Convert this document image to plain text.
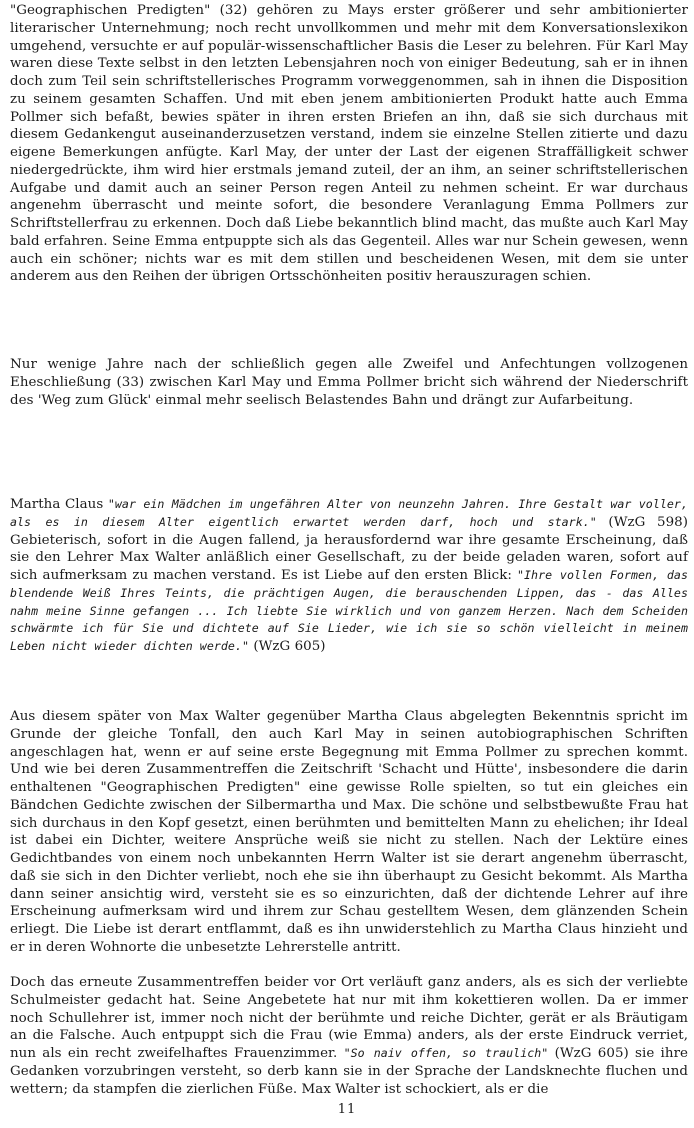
"Geographischen Predigten" (32) gehören zu Mays erster größerer und sehr ambitionierter literarischer Unternehmung; noch recht unvollkommen und mehr mit dem Konversationslexikon umgehend, versuchte er auf populär-wissenschaftlicher Basis die Leser zu belehren. Für Karl May waren diese Texte selbst in den letzten Lebensjahren noch von einiger Bedeutung, sah er in ihnen doch zum Teil sein schriftstellerisches Programm vorweggenommen, sah in ihnen die Disposition zu seinem gesamten Schaffen. Und mit eben jenem ambitionierten Produkt hatte auch Emma Pollmer sich befaßt, bewies später in ihren ersten Briefen an ihn, daß sie sich durchaus mit diesem Gedankengut auseinanderzusetzen verstand, indem sie einzelne Stellen zitierte und dazu eigene Bemerkungen anfügte. Karl May, der unter der Last der eigenen Straffälligkeit schwer niedergedrückte, ihm wird hier erstmals jemand zuteil, der an ihm, an seiner schriftstellerischen Aufgabe und damit auch an seiner Person regen Anteil zu nehmen scheint. Er war durchaus angenehm überrascht und meinte sofort, die besondere Veranlagung Emma Pollmers zur Schriftstellerfrau zu erkennen. Doch daß Liebe bekanntlich blind macht, das mußte auch Karl May bald erfahren. Seine Emma entpuppte sich als das Gegenteil. Alles war nur Schein gewesen, wenn auch ein schöner; nichts war es mit dem stillen und bescheidenen Wesen, mit dem sie unter anderem aus den Reihen der übrigen Ortsschönheiten positiv herauszuragen schien.

Nur wenige Jahre nach der schließlich gegen alle Zweifel und Anfechtungen vollzogenen Eheschließung (33) zwischen Karl May und Emma Pollmer bricht sich während der Niederschrift des 'Weg zum Glück' einmal mehr seelisch Belastendes Bahn und drängt zur Aufarbeitung.

Martha Claus "war ein Mädchen im ungefähren Alter von neunzehn Jahren. Ihre Gestalt war voller, als es in diesem Alter eigentlich erwartet werden darf, hoch und stark." (WzG 598) Gebieterisch, sofort in die Augen fallend, ja herausfordernd war ihre gesamte Erscheinung, daß sie den Lehrer Max Walter anläßlich einer Gesellschaft, zu der beide geladen waren, sofort auf sich aufmerksam zu machen verstand. Es ist Liebe auf den ersten Blick: "Ihre vollen Formen, das blendende Weiß Ihres Teints, die prächtigen Augen, die berauschenden Lippen, das - das Alles nahm meine Sinne gefangen ... Ich liebte Sie wirklich und von ganzem Herzen. Nach dem Scheiden schwärmte ich für Sie und dichtete auf Sie Lieder, wie ich sie so schön vielleicht in meinem Leben nicht wieder dichten werde." (WzG 605)

Aus diesem später von Max Walter gegenüber Martha Claus abgelegten Bekenntnis spricht im Grunde der gleiche Tonfall, den auch Karl May in seinen autobiographischen Schriften angeschlagen hat, wenn er auf seine erste Begegnung mit Emma Pollmer zu sprechen kommt. Und wie bei deren Zusammentreffen die Zeitschrift 'Schacht und Hütte', insbesondere die darin enthaltenen "Geographischen Predigten" eine gewisse Rolle spielten, so tut ein gleiches ein Bändchen Gedichte zwischen der Silbermartha und Max. Die schöne und selbstbewußte Frau hat sich durchaus in den Kopf gesetzt, einen berühmten und bemittelten Mann zu ehelichen; ihr Ideal ist dabei ein Dichter, weitere Ansprüche weiß sie nicht zu stellen. Nach der Lektüre eines Gedichtbandes von einem noch unbekannten Herrn Walter ist sie derart angenehm überrascht, daß sie sich in den Dichter verliebt, noch ehe sie ihn überhaupt zu Gesicht bekommt. Als Martha dann seiner ansichtig wird, versteht sie es so einzurichten, daß der dichtende Lehrer auf ihre Erscheinung aufmerksam wird und ihrem zur Schau gestelltem Wesen, dem glänzenden Schein erliegt. Die Liebe ist derart entflammt, daß es ihn unwiderstehlich zu Martha Claus hinzieht und er in deren Wohnorte die unbesetzte Lehrerstelle antritt.

Doch das erneute Zusammentreffen beider vor Ort verläuft ganz anders, als es sich der verliebte Schulmeister gedacht hat. Seine Angebetete hat nur mit ihm kokettieren wollen. Da er immer noch Schullehrer ist, immer noch nicht der berühmte und reiche Dichter, gerät er als Bräutigam an die Falsche. Auch entpuppt sich die Frau (wie Emma) anders, als der erste Eindruck verriet, nun als ein recht zweifelhaftes Frauenzimmer. "So naiv offen, so traulich" (WzG 605) sie ihre Gedanken vorzubringen versteht, so derb kann sie in der Sprache der Landsknechte fluchen und wettern; da stampfen die zierlichen Füße. Max Walter ist schockiert, als er die

11
